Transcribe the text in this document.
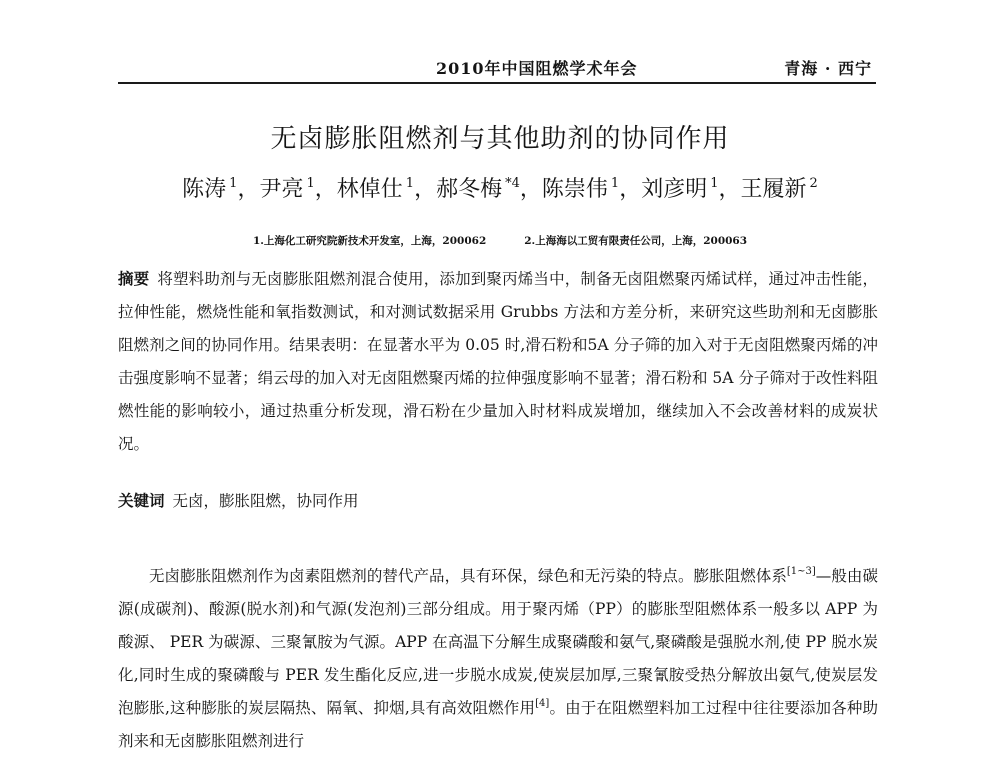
2010年中国阻燃学术年会	青海 · 西宁
无卤膨胀阻燃剂与其他助剂的协同作用
陈涛 $^1$，尹亮 $^1$，林倬仕 $^1$，郝冬梅 $^{*4}$，陈崇伟 $^1$，刘彦明 $^1$，王履新 $^2$
1.上海化工研究院新技术开发室，上海，200062	2.上海海以工贸有限责任公司，上海，200063

摘要 将塑料助剂与无卤膨胀阻燃剂混合使用，添加到聚丙烯当中，制备无卤阻燃聚丙烯试样，通过冲击性能，拉伸性能，燃烧性能和氧指数测试，和对测试数据采用 Grubbs 方法和方差分析，来研究这些助剂和无卤膨胀阻燃剂之间的协同作用。结果表明：在显著水平为 0.05 时,滑石粉和5A 分子筛的加入对于无卤阻燃聚丙烯的冲击强度影响不显著；绢云母的加入对无卤阻燃聚丙烯的拉伸强度影响不显著；滑石粉和 5A 分子筛对于改性料阻燃性能的影响较小，通过热重分析发现，滑石粉在少量加入时材料成炭增加，继续加入不会改善材料的成炭状况。

关键词 无卤，膨胀阻燃，协同作用

无卤膨胀阻燃剂作为卤素阻燃剂的替代产品，具有环保，绿色和无污染的特点。膨胀阻燃体系[1~3]—般由碳源(成碳剂)、酸源(脱水剂)和气源(发泡剂)三部分组成。用于聚丙烯（PP）的膨胀型阻燃体系一般多以 APP 为酸源、 PER 为碳源、三聚氰胺为气源。APP 在高温下分解生成聚磷酸和氨气,聚磷酸是强脱水剂,使 PP 脱水炭化,同时生成的聚磷酸与 PER 发生酯化反应,进一步脱水成炭,使炭层加厚,三聚氰胺受热分解放出氨气,使炭层发泡膨胀,这种膨胀的炭层隔热、隔氧、抑烟,具有高效阻燃作用[4]。由于在阻燃塑料加工过程中往往要添加各种助剂来和无卤膨胀阻燃剂进行
